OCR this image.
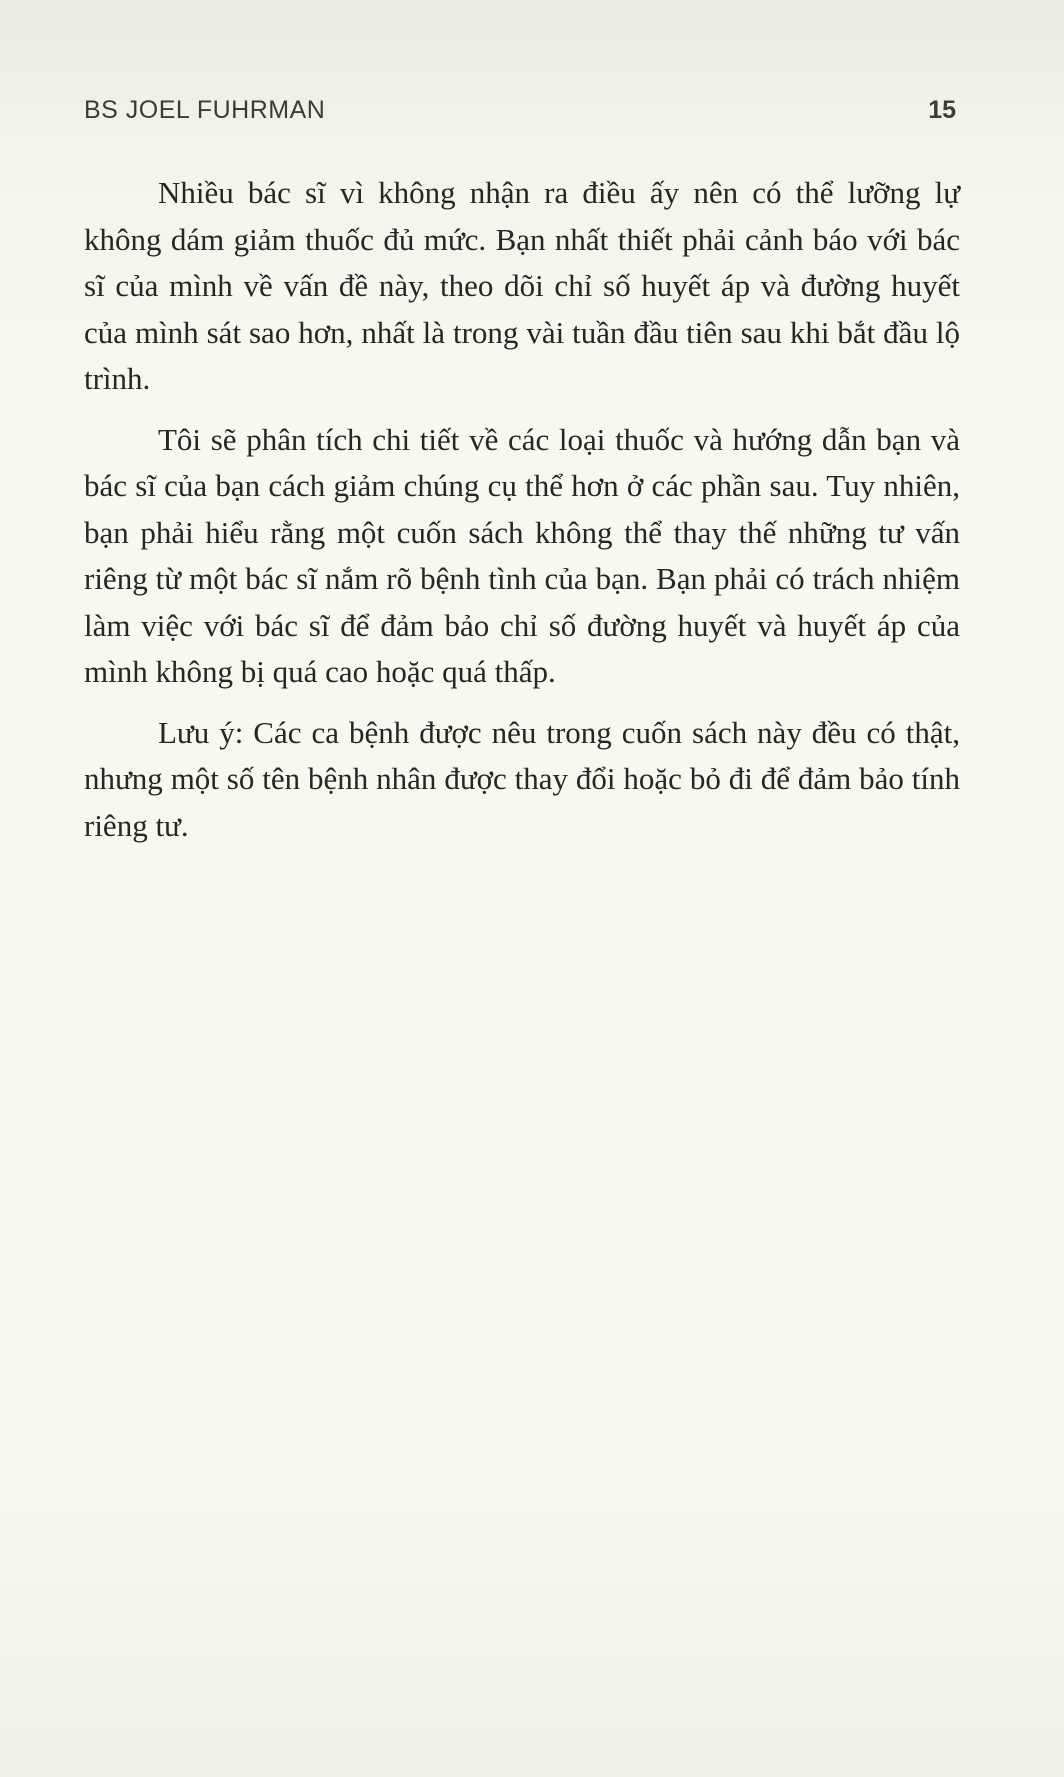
BS JOEL FUHRMAN	15

Nhiều bác sĩ vì không nhận ra điều ấy nên có thể lưỡng lự không dám giảm thuốc đủ mức. Bạn nhất thiết phải cảnh báo với bác sĩ của mình về vấn đề này, theo dõi chỉ số huyết áp và đường huyết của mình sát sao hơn, nhất là trong vài tuần đầu tiên sau khi bắt đầu lộ trình.

Tôi sẽ phân tích chi tiết về các loại thuốc và hướng dẫn bạn và bác sĩ của bạn cách giảm chúng cụ thể hơn ở các phần sau. Tuy nhiên, bạn phải hiểu rằng một cuốn sách không thể thay thế những tư vấn riêng từ một bác sĩ nắm rõ bệnh tình của bạn. Bạn phải có trách nhiệm làm việc với bác sĩ để đảm bảo chỉ số đường huyết và huyết áp của mình không bị quá cao hoặc quá thấp.

Lưu ý: Các ca bệnh được nêu trong cuốn sách này đều có thật, nhưng một số tên bệnh nhân được thay đổi hoặc bỏ đi để đảm bảo tính riêng tư.
